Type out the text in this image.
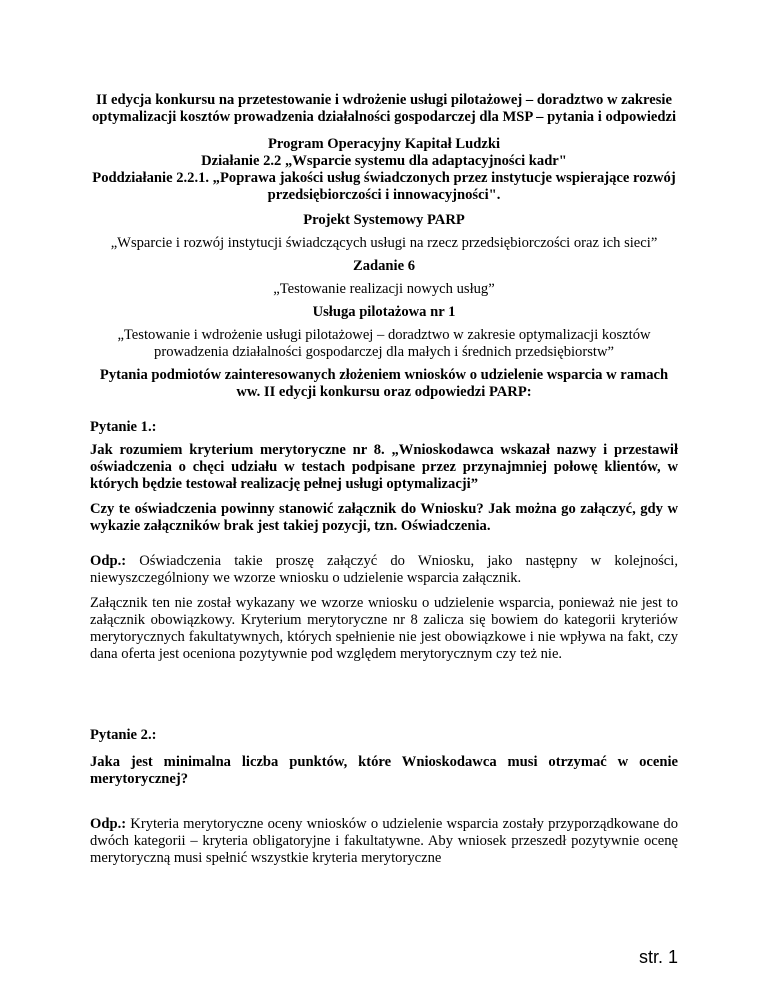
II edycja konkursu na przetestowanie i wdrożenie usługi pilotażowej – doradztwo w zakresie optymalizacji kosztów prowadzenia działalności gospodarczej dla MSP – pytania i odpowiedzi

Program Operacyjny Kapitał Ludzki

Działanie 2.2 „Wsparcie systemu dla adaptacyjności kadr"

Poddziałanie 2.2.1. „Poprawa jakości usług świadczonych przez instytucje wspierające rozwój przedsiębiorczości i innowacyjności".

Projekt Systemowy PARP

„Wsparcie i rozwój instytucji świadczących usługi na rzecz przedsiębiorczości oraz ich sieci”

Zadanie 6

„Testowanie realizacji nowych usług”

Usługa pilotażowa nr 1

„Testowanie i wdrożenie usługi pilotażowej – doradztwo w zakresie optymalizacji kosztów prowadzenia działalności gospodarczej dla małych i średnich przedsiębiorstw”

Pytania podmiotów zainteresowanych złożeniem wniosków o udzielenie wsparcia w ramach ww. II edycji konkursu oraz odpowiedzi PARP:

Pytanie 1.:

Jak rozumiem kryterium merytoryczne nr 8. „Wnioskodawca wskazał nazwy i przestawił oświadczenia o chęci udziału w testach podpisane przez przynajmniej połowę klientów, w których będzie testował realizację pełnej usługi optymalizacji”

Czy te oświadczenia powinny stanowić załącznik do Wniosku? Jak można go załączyć, gdy w wykazie załączników brak jest takiej pozycji, tzn. Oświadczenia.

Odp.: Oświadczenia takie proszę załączyć do Wniosku, jako następny w kolejności, niewyszczególniony we wzorze wniosku o udzielenie wsparcia załącznik.

Załącznik ten nie został wykazany we wzorze wniosku o udzielenie wsparcia, ponieważ nie jest to załącznik obowiązkowy. Kryterium merytoryczne nr 8 zalicza się bowiem do kategorii kryteriów merytorycznych fakultatywnych, których spełnienie nie jest obowiązkowe i nie wpływa na fakt, czy dana oferta jest oceniona pozytywnie pod względem merytorycznym czy też nie.

Pytanie 2.:

Jaka jest minimalna liczba punktów, które Wnioskodawca musi otrzymać w ocenie merytorycznej?

Odp.: Kryteria merytoryczne oceny wniosków o udzielenie wsparcia zostały przyporządkowane do dwóch kategorii – kryteria obligatoryjne i fakultatywne. Aby wniosek przeszedł pozytywnie ocenę merytoryczną musi spełnić wszystkie kryteria merytoryczne

str. 1
